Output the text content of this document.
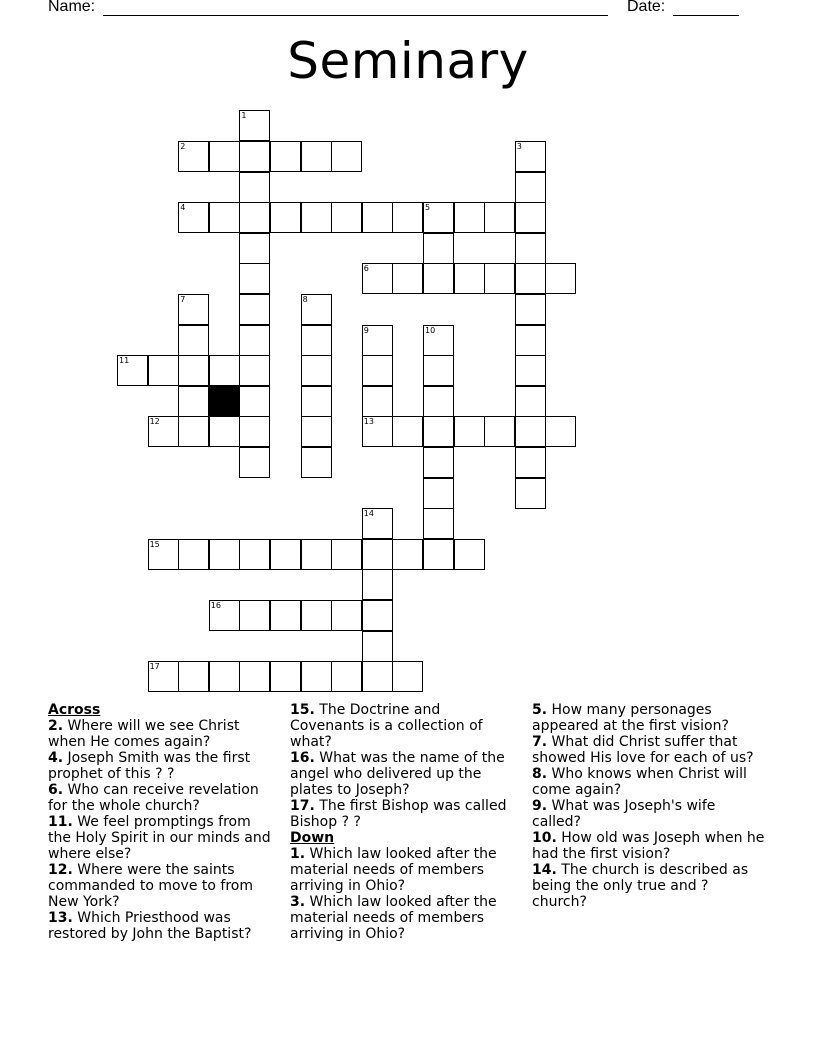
Name:	Date:
Seminary
1
2	3
4	5
6
7	8
9	10
11
12	13
14
15
16
17
Across
2. Where will we see Christ when He comes again?
4. Joseph Smith was the first prophet of this ? ?
6. Who can receive revelation for the whole church?
11. We feel promptings from the Holy Spirit in our minds and where else?
12. Where were the saints commanded to move to from New York?
13. Which Priesthood was restored by John the Baptist?
15. The Doctrine and Covenants is a collection of what?
16. What was the name of the angel who delivered up the plates to Joseph?
17. The first Bishop was called Bishop ? ?
Down
1. Which law looked after the material needs of members arriving in Ohio?
3. Which law looked after the material needs of members arriving in Ohio?
5. How many personages appeared at the first vision?
7. What did Christ suffer that showed His love for each of us?
8. Who knows when Christ will come again?
9. What was Joseph's wife called?
10. How old was Joseph when he had the first vision?
14. The church is described as being the only true and ? church?
